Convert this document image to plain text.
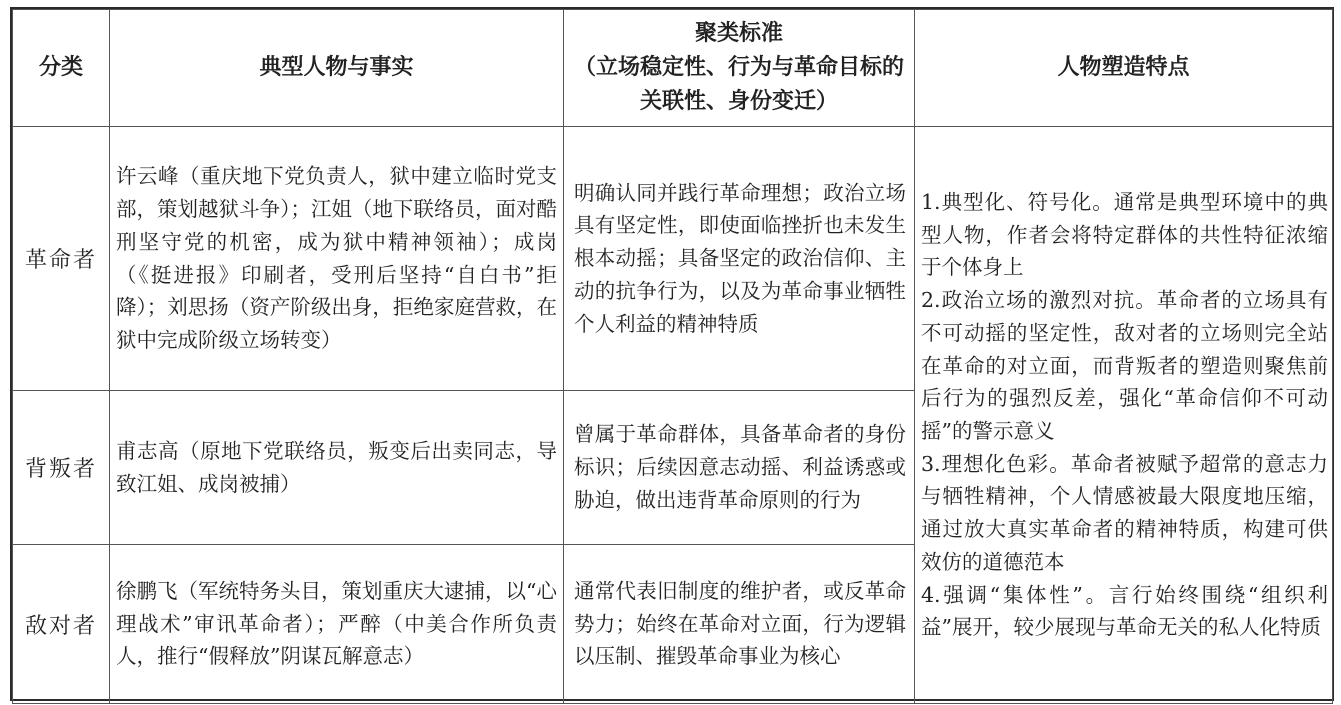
分类	典型人物与事实	聚类标准
（立场稳定性、行为与革命目标的关联性、身份变迁）	人物塑造特点
革命者	许云峰（重庆地下党负责人，狱中建立临时党支部，策划越狱斗争）；江姐（地下联络员，面对酷刑坚守党的机密，成为狱中精神领袖）；成岗（《挺进报》印刷者，受刑后坚持“自白书”拒降）；刘思扬（资产阶级出身，拒绝家庭营救，在狱中完成阶级立场转变）	明确认同并践行革命理想；政治立场具有坚定性，即使面临挫折也未发生根本动摇；具备坚定的政治信仰、主动的抗争行为，以及为革命事业牺牲个人利益的精神特质	1.典型化、符号化。通常是典型环境中的典型人物，作者会将特定群体的共性特征浓缩于个体身上
2.政治立场的激烈对抗。革命者的立场具有不可动摇的坚定性，敌对者的立场则完全站在革命的对立面，而背叛者的塑造则聚焦前后行为的强烈反差，强化“革命信仰不可动摇”的警示意义
3.理想化色彩。革命者被赋予超常的意志力与牺牲精神，个人情感被最大限度地压缩，通过放大真实革命者的精神特质，构建可供效仿的道德范本
4.强调“集体性”。言行始终围绕“组织利益”展开，较少展现与革命无关的私人化特质

背叛者	甫志高（原地下党联络员，叛变后出卖同志，导致江姐、成岗被捕）	曾属于革命群体，具备革命者的身份标识；后续因意志动摇、利益诱惑或胁迫，做出违背革命原则的行为	
敌对者	徐鹏飞（军统特务头目，策划重庆大逮捕，以“心理战术”审讯革命者）；严醉（中美合作所负责人，推行“假释放”阴谋瓦解意志）	通常代表旧制度的维护者，或反革命势力；始终在革命对立面，行为逻辑以压制、摧毁革命事业为核心	
